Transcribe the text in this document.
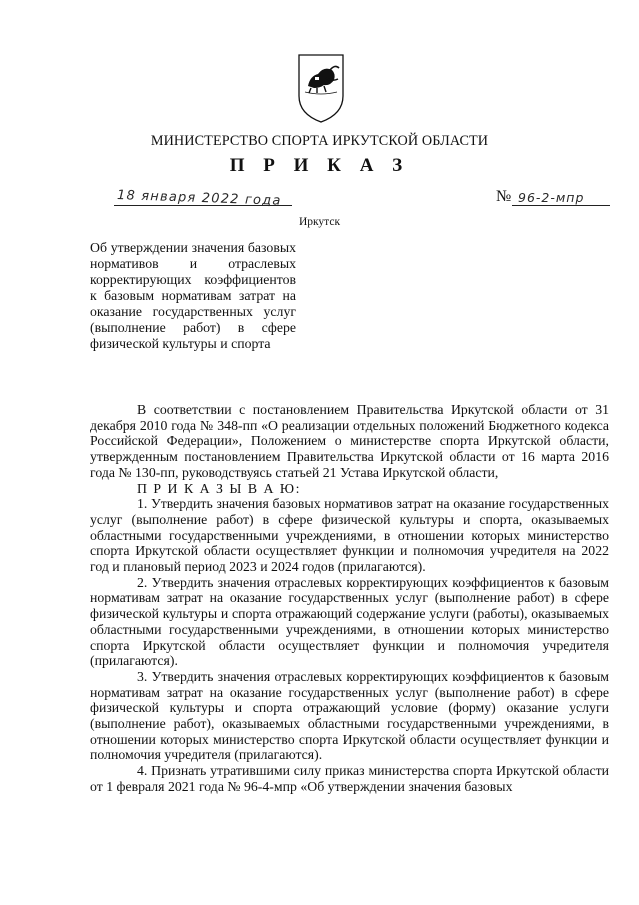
МИНИСТЕРСТВО СПОРТА ИРКУТСКОЙ ОБЛАСТИ
П Р И К А З
18 января 2022 года	№ 96-2-мпр
Иркутск
Об утверждении значения базовых нормативов и отраслевых корректирующих коэффициентов к базовым нормативам затрат на оказание государственных услуг (выполнение работ) в сфере физической культуры и спорта

В соответствии с постановлением Правительства Иркутской области от 31 декабря 2010 года № 348-пп «О реализации отдельных положений Бюджетного кодекса Российской Федерации», Положением о министерстве спорта Иркутской области, утвержденным постановлением Правительства Иркутской области от 16 марта 2016 года № 130-пп, руководствуясь статьей 21 Устава Иркутской области,

П Р И К А З Ы В А Ю:

1. Утвердить значения базовых нормативов затрат на оказание государственных услуг (выполнение работ) в сфере физической культуры и спорта, оказываемых областными государственными учреждениями, в отношении которых министерство спорта Иркутской области осуществляет функции и полномочия учредителя на 2022 год и плановый период 2023 и 2024 годов (прилагаются).

2. Утвердить значения отраслевых корректирующих коэффициентов к базовым нормативам затрат на оказание государственных услуг (выполнение работ) в сфере физической культуры и спорта отражающий содержание услуги (работы), оказываемых областными государственными учреждениями, в отношении которых министерство спорта Иркутской области осуществляет функции и полномочия учредителя (прилагаются).

3. Утвердить значения отраслевых корректирующих коэффициентов к базовым нормативам затрат на оказание государственных услуг (выполнение работ) в сфере физической культуры и спорта отражающий условие (форму) оказание услуги (выполнение работ), оказываемых областными государственными учреждениями, в отношении которых министерство спорта Иркутской области осуществляет функции и полномочия учредителя (прилагаются).

4. Признать утратившими силу приказ министерства спорта Иркутской области от 1 февраля 2021 года № 96-4-мпр «Об утверждении значения базовых
